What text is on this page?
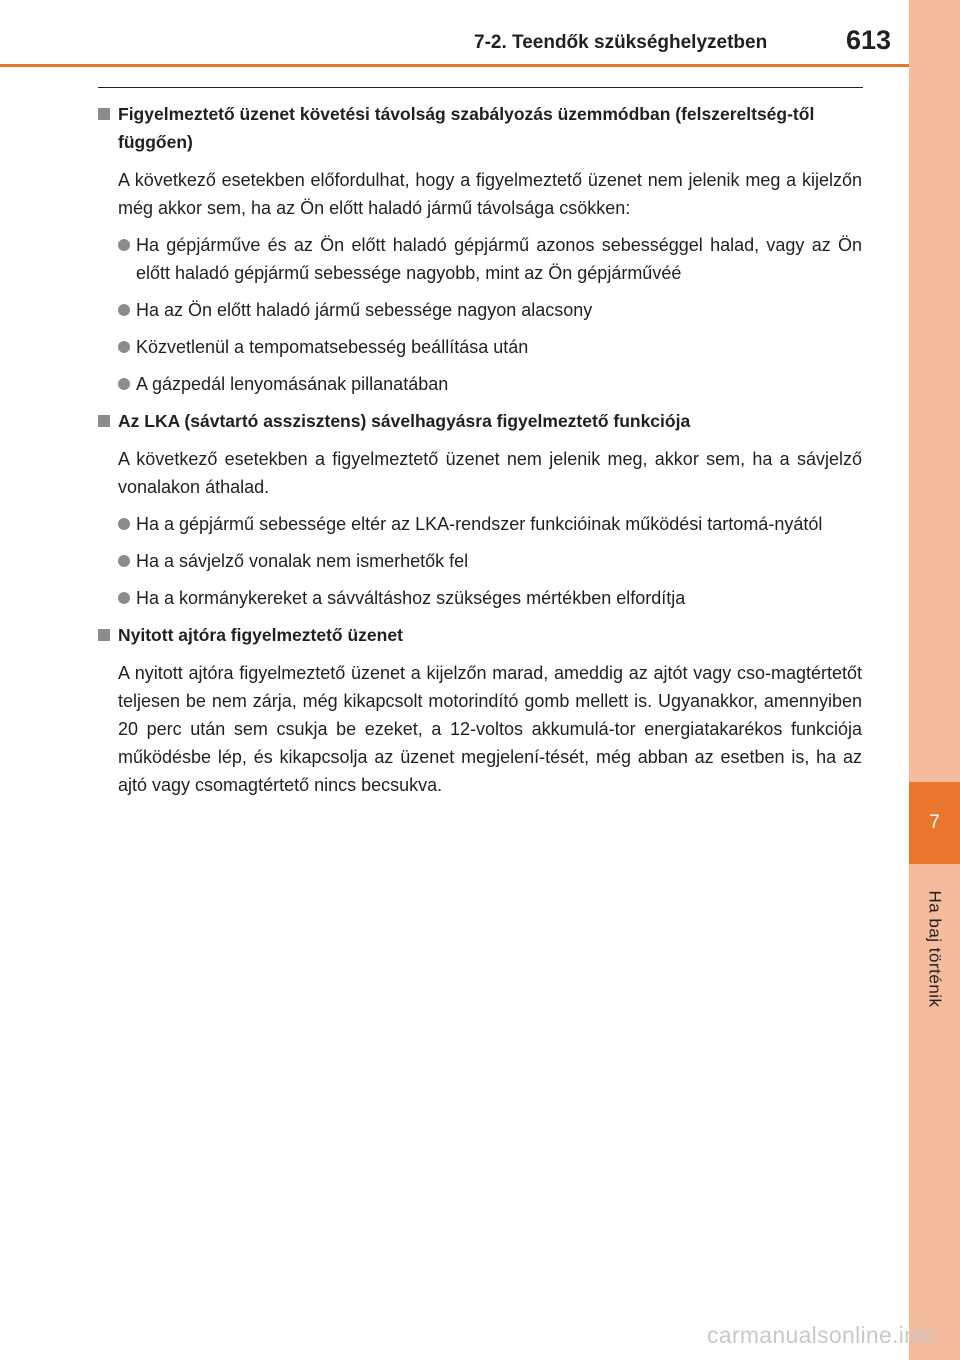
7
Ha baj történik
7-2. Teendők szükséghelyzetben	613
Figyelmeztető üzenet követési távolság szabályozás üzemmódban (felszereltség-től függően)
A következő esetekben előfordulhat, hogy a figyelmeztető üzenet nem jelenik meg a kijelzőn még akkor sem, ha az Ön előtt haladó jármű távolsága csökken:
Ha gépjárműve és az Ön előtt haladó gépjármű azonos sebességgel halad, vagy az Ön előtt haladó gépjármű sebessége nagyobb, mint az Ön gépjárművéé
Ha az Ön előtt haladó jármű sebessége nagyon alacsony
Közvetlenül a tempomatsebesség beállítása után
A gázpedál lenyomásának pillanatában
Az LKA (sávtartó asszisztens) sávelhagyásra figyelmeztető funkciója
A következő esetekben a figyelmeztető üzenet nem jelenik meg, akkor sem, ha a sávjelző vonalakon áthalad.
Ha a gépjármű sebessége eltér az LKA-rendszer funkcióinak működési tartomá-nyától
Ha a sávjelző vonalak nem ismerhetők fel
Ha a kormánykereket a sávváltáshoz szükséges mértékben elfordítja
Nyitott ajtóra figyelmeztető üzenet
A nyitott ajtóra figyelmeztető üzenet a kijelzőn marad, ameddig az ajtót vagy cso-magtértetőt teljesen be nem zárja, még kikapcsolt motorindító gomb mellett is. Ugyanakkor, amennyiben 20 perc után sem csukja be ezeket, a 12-voltos akkumulá-tor energiatakarékos funkciója működésbe lép, és kikapcsolja az üzenet megjelení-tését, még abban az esetben is, ha az ajtó vagy csomagtértető nincs becsukva.
carmanualsonline.info
